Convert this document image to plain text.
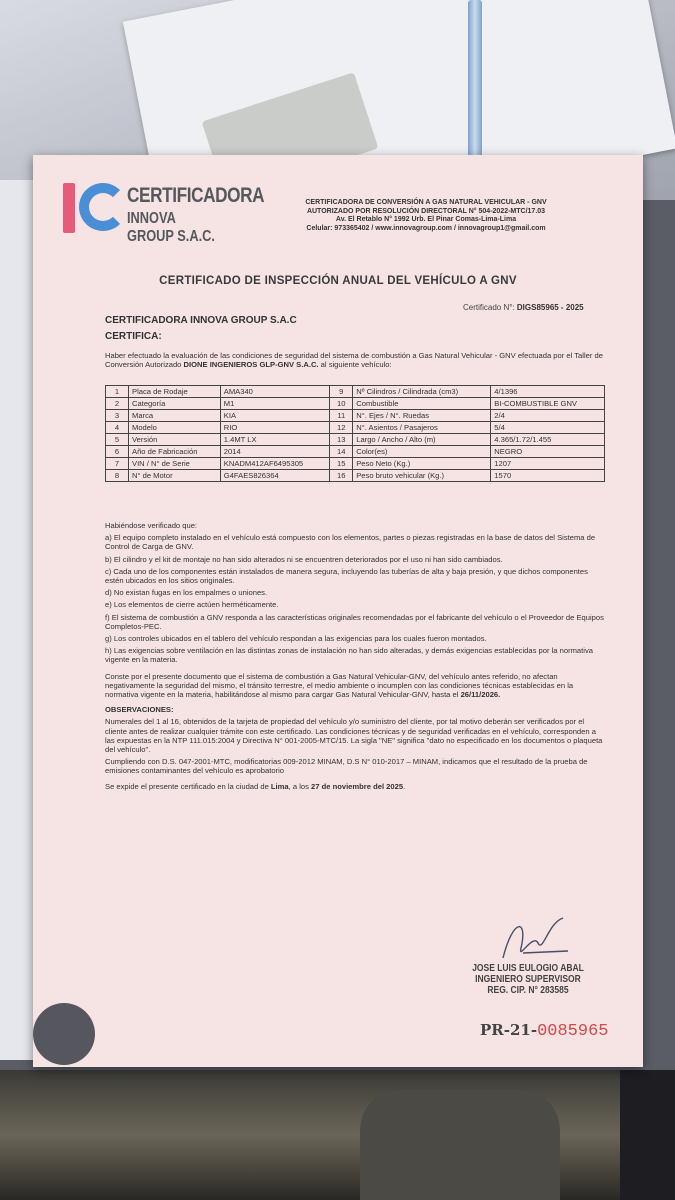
CERTIFICADORA
INNOVA GROUP S.A.C.
CERTIFICADORA DE CONVERSIÓN A GAS NATURAL VEHICULAR - GNV
AUTORIZADO POR RESOLUCIÓN DIRECTORAL N° 504-2022-MTC/17.03
Av. El Retablo N° 1992 Urb. El Pinar Comas-Lima-Lima
Celular: 973365402 / www.innovagroup.com / innovagroup1@gmail.com
CERTIFICADO DE INSPECCIÓN ANUAL DEL VEHÍCULO A GNV
Certificado N°: DIGS85965 - 2025
CERTIFICADORA INNOVA GROUP S.A.C
CERTIFICA:
Haber efectuado la evaluación de las condiciones de seguridad del sistema de combustión a Gas Natural Vehicular - GNV efectuada por el Taller de Conversión Autorizado DIONE INGENIEROS GLP-GNV S.A.C. al siguiente vehículo:
1	Placa de Rodaje	AMA340	9	Nº Cilindros / Cilindrada (cm3)	4/1396
2	Categoría	M1	10	Combustible	BI-COMBUSTIBLE GNV
3	Marca	KIA	11	N°. Ejes / N°. Ruedas	2/4
4	Modelo	RIO	12	N°. Asientos / Pasajeros	5/4
5	Versión	1.4MT LX	13	Largo / Ancho / Alto (m)	4.365/1.72/1.455
6	Año de Fabricación	2014	14	Color(es)	NEGRO
7	VIN / N° de Serie	KNADM412AF6495305	15	Peso Neto (Kg.)	1207
8	N° de Motor	G4FAES826364	16	Peso bruto vehicular (Kg.)	1570

Habiéndose verificado que:

a) El equipo completo instalado en el vehículo está compuesto con los elementos, partes o piezas registradas en la base de datos del Sistema de Control de Carga de GNV.

b) El cilindro y el kit de montaje no han sido alterados ni se encuentren deteriorados por el uso ni han sido cambiados.

c) Cada uno de los componentes están instalados de manera segura, incluyendo las tuberías de alta y baja presión, y que dichos componentes estén ubicados en los sitios originales.

d) No existan fugas en los empalmes o uniones.

e) Los elementos de cierre actúen herméticamente.

f) El sistema de combustión a GNV responda a las características originales recomendadas por el fabricante del vehículo o el Proveedor de Equipos Completos-PEC.

g) Los controles ubicados en el tablero del vehículo respondan a las exigencias para los cuales fueron montados.

h) Las exigencias sobre ventilación en las distintas zonas de instalación no han sido alteradas, y demás exigencias establecidas por la normativa vigente en la materia.

Conste por el presente documento que el sistema de combustión a Gas Natural Vehicular-GNV, del vehículo antes referido, no afectan negativamente la seguridad del mismo, el tránsito terrestre, el medio ambiente o incumplen con las condiciones técnicas establecidas en la normativa vigente en la materia, habilitándose al mismo para cargar Gas Natural Vehicular-GNV, hasta el 26/11/2026.

OBSERVACIONES:

Numerales del 1 al 16, obtenidos de la tarjeta de propiedad del vehículo y/o suministro del cliente, por tal motivo deberán ser verificados por el cliente antes de realizar cualquier trámite con este certificado. Las condiciones técnicas y de seguridad verificadas en el vehículo, corresponden a las expuestas en la NTP 111.015:2004 y Directiva N° 001-2005-MTC/15. La sigla "NE" significa "dato no especificado en los documentos o plaqueta del vehículo".

Cumpliendo con D.S. 047-2001-MTC, modificatorias 009-2012 MINAM, D.S N° 010-2017 – MINAM, indicamos que el resultado de la prueba de emisiones contaminantes del vehículo es aprobatorio

Se expide el presente certificado en la ciudad de Lima, a los 27 de noviembre del 2025.

JOSE LUIS EULOGIO ABAL
INGENIERO SUPERVISOR
REG. CIP. N° 283585
PR-21-0085965
